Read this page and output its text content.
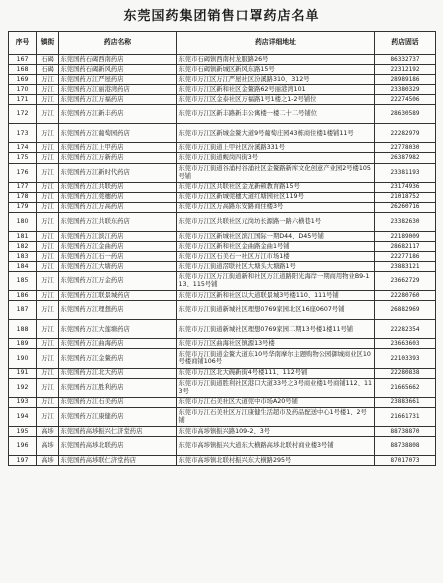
东莞国药集团销售口罩药店名单
序号	镇街	药店名称	药店详细地址	药店固话
167	石碣	东莞国药石碣西南药店	东莞市石碣镇西南村龙服路26号	86332737
168	石碣	东莞国药石碣新风药店	东莞市石碣镇新城区新风东路15号	22312192
169	万江	东莞国药万江严屋药店	东莞市万江区万江严屋社区汾溪路310、312号	28989186
170	万江	东莞国药万江丽港湾药店	东莞市万江区新和社区金鳌路62号丽港湾101	23380329
171	万江	东莞国药万江万福药店	东莞市万江区金泰社区万福路1号1楼之1-2号铺位	22274506
172	万江	东莞国药万江新丰药店	东莞市万江区新丰路新丰公寓楼一楼二十二号铺位	28630589
173	万江	东莞国药万江葡萄园药店	东莞市万江区新城金鳌大道9号葡萄庄园43栋商住楼1楼铺11号	22282979
174	万江	东莞国药万江上甲药店	东莞市万江街道上甲社区汾溪路331号	22778030
175	万江	东莞国药万江万新药店	东莞市万江街道蚬岗四街3号	26387982
176	万江	东莞国药万江新时代药店	东莞市万江街道谷涌村谷涌社区金鳌路新库文化创意产业园2号楼105号铺	23381193
177	万江	东莞国药万江共联药店	东莞市万江区共联社区金龙新顿教育路15号	23174936
178	万江	东莞国药万江莞穗药店	东莞市万江区新城莞穗大道红塘园社区119号	21018752
179	万江	东莞国药万江万高药店	东莞市万江区万高路东安路商住楼3号	26260716
180	万江	东莞国药万江共联东药店	东莞市万江区共联社区元岗坊长源路一路六横巷1号	23382630
181	万江	东莞国药万江滨江药店	东莞市万江区新城社区滨江国际一期D44、D45号铺	22189009
182	万江	东莞国药万江金曲药店	东莞市万江区新和社区金曲路金曲1号铺	28682117
183	万江	东莞国药万江石一药店	东莞市万江区石美石一社区万江市场1楼	22277186
184	万江	东莞国药万江大塘药店	东莞市万江街道滘联社区大塘头大塘路1号	23883121
185	万江	东莞国药万江万金药店	东莞市万江区万江街道新和社区万江道路阳光海岸一期商用物业B9-113、115号铺	23662729
186	万江	东莞国药万江联景城药店	东莞市万江区新和社区以大道联景城3号楼110、111号铺	22280760
187	万江	东莞国药万江理想药店	东莞市万江街道新城社区理想0769家园北区16座0607号铺	26882969
188	万江	东莞国药万江大莲塘药店	东莞市万江街道新城社区理想0769家园二期13号楼1楼11号铺	22282354
189	万江	东莞国药万江曲海药店	东莞市万江区曲海社区镇源13号楼	23663603
190	万江	东莞国药万江金鳌药店	东莞市万江街道金鳌大道东10号华南摩尔主题购物公园御城商业区10号楼商铺106号	22103393
191	万江	东莞国药万江北大药店	东莞市万江区北大碗新街4号楼111、112号铺	22280838
192	万江	东莞国药万江胜利药店	东莞市万江街道胜利社区港口大道33号之3号商业楼1号商铺112、113号	21665662
193	万江	东莞国药万江石美药店	东莞市万江石美社区大道莞中市场A20号铺	23883661
194	万江	东莞国药万江康健药店	东莞市万江石美社区万江康健生活超市及药品配送中心1号楼1、2号铺	21661731
195	高埗	东莞国药高埗振兴仁济堂药店	东莞市高埗镇振兴路109-2、3号	88738870
196	高埗	东莞国药高埗北联药店	东莞市高埗镇振兴大道东大横路高埗北联村商业楼3号铺	88738808
197	高埗	东莞国药高埗联仁济堂药店	东莞市高埗镇北联村振兴东大横路295号	87017073
